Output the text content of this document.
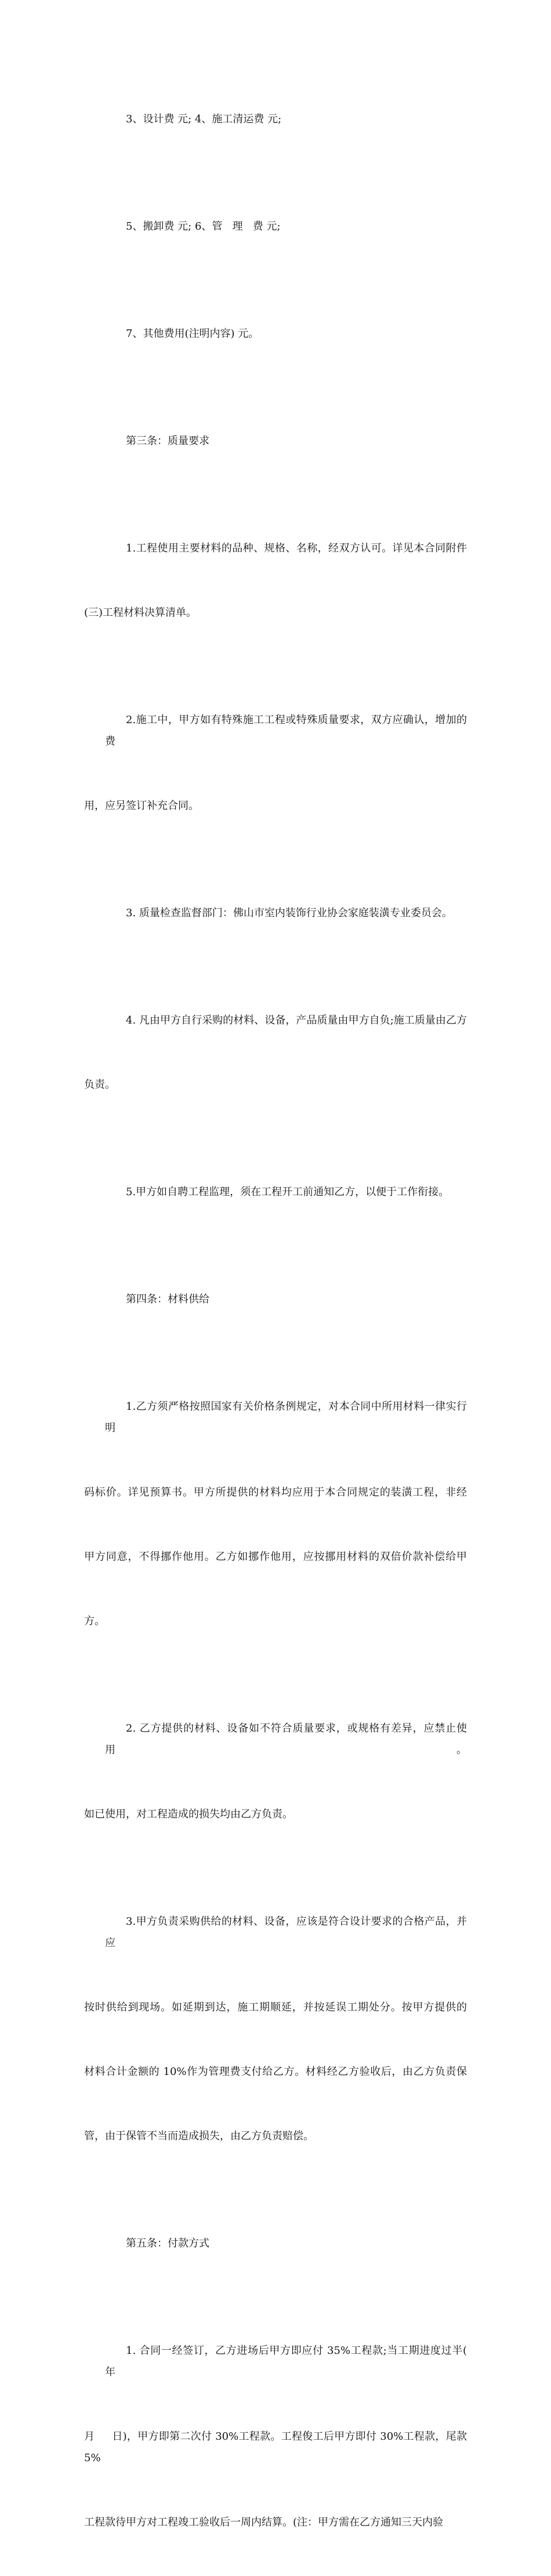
3、设计费 元; 4、施工清运费 元;

5、搬卸费 元; 6、管   理   费 元;

7、其他费用(注明内容) 元。

第三条：质量要求

1.工程使用主要材料的品种、规格、名称，经双方认可。详见本合同附件

(三)工程材料决算清单。

2.施工中，甲方如有特殊施工工程或特殊质量要求，双方应确认，增加的费

用，应另签订补充合同。

3. 质量检查监督部门：佛山市室内装饰行业协会家庭装潢专业委员会。

4. 凡由甲方自行采购的材料、设备，产品质量由甲方自负;施工质量由乙方

负责。

5.甲方如自聘工程监理，须在工程开工前通知乙方，以便于工作衔接。

第四条：材料供给

1.乙方须严格按照国家有关价格条例规定，对本合同中所用材料一律实行明

码标价。详见预算书。甲方所提供的材料均应用于本合同规定的装潢工程，非经

甲方同意，不得挪作他用。乙方如挪作他用，应按挪用材料的双倍价款补偿给甲

方。

2. 乙方提供的材料、设备如不符合质量要求，或规格有差异，应禁止使用。

如已使用，对工程造成的损失均由乙方负责。

3.甲方负责采购供给的材料、设备，应该是符合设计要求的合格产品，并应

按时供给到现场。如延期到达，施工期顺延，并按延误工期处分。按甲方提供的

材料合计金额的 10%作为管理费支付给乙方。材料经乙方验收后，由乙方负责保

管，由于保管不当而造成损失，由乙方负责赔偿。

第五条：付款方式

1. 合同一经签订，乙方进场后甲方即应付 35%工程款;当工期进度过半(     年

月     日)，甲方即第二次付 30%工程款。工程俊工后甲方即付 30%工程款，尾款 5%

工程款待甲方对工程竣工验收后一周内结算。(注：甲方需在乙方通知三天内验
